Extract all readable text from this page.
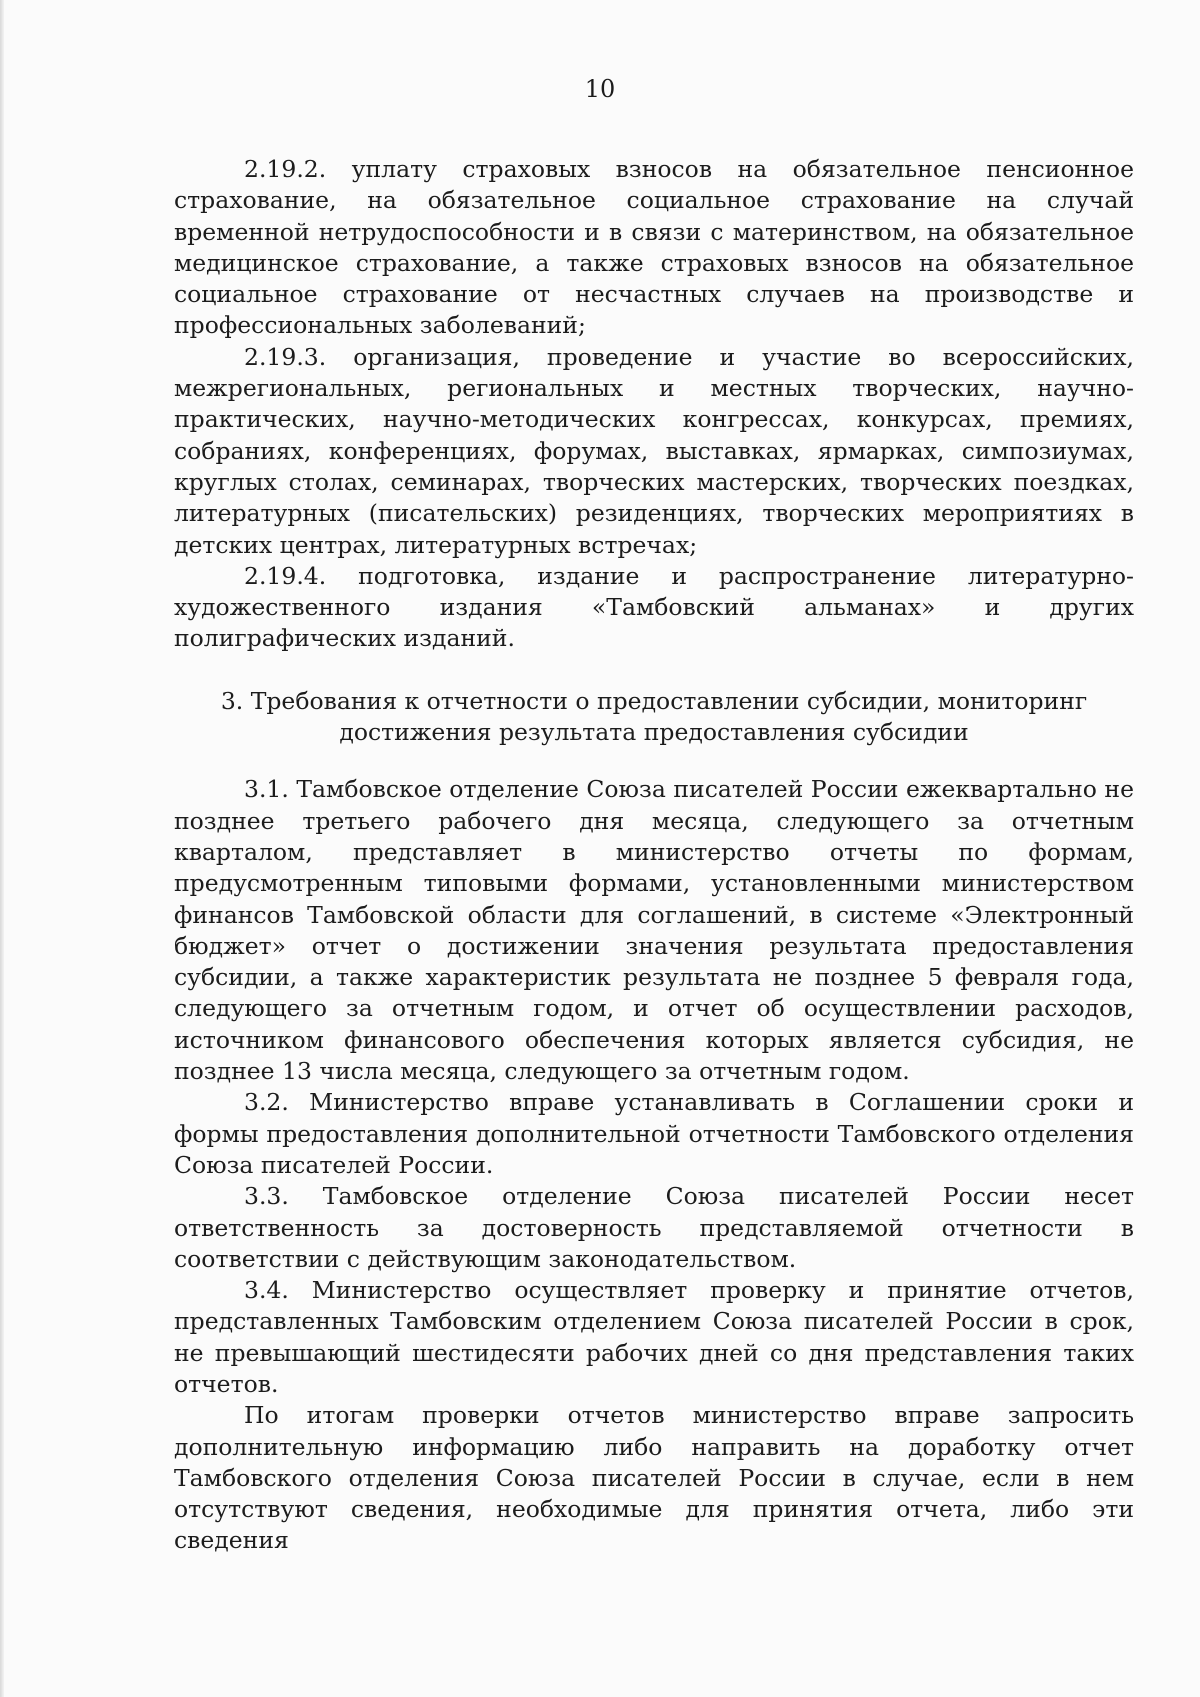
10

2.19.2. уплату страховых взносов на обязательное пенсионное страхование, на обязательное социальное страхование на случай временной нетрудоспособности и в связи с материнством, на обязательное медицинское страхование, а также страховых взносов на обязательное социальное страхование от несчастных случаев на производстве и профессиональных заболеваний;

2.19.3. организация, проведение и участие во всероссийских, межрегиональных, региональных и местных творческих, научно-практических, научно-методических конгрессах, конкурсах, премиях, собраниях, конференциях, форумах, выставках, ярмарках, симпозиумах, круглых столах, семинарах, творческих мастерских, творческих поездках, литературных (писательских) резиденциях, творческих мероприятиях в детских центрах, литературных встречах;

2.19.4. подготовка, издание и распространение литературно-художественного издания «Тамбовский альманах» и других полиграфических изданий.

3. Требования к отчетности о предоставлении субсидии, мониторинг достижения результата предоставления субсидии

3.1. Тамбовское отделение Союза писателей России ежеквартально не позднее третьего рабочего дня месяца, следующего за отчетным кварталом, представляет в министерство отчеты по формам, предусмотренным типовыми формами, установленными министерством финансов Тамбовской области для соглашений, в системе «Электронный бюджет» отчет о достижении значения результата предоставления субсидии, а также характеристик результата не позднее 5 февраля года, следующего за отчетным годом, и отчет об осуществлении расходов, источником финансового обеспечения которых является субсидия, не позднее 13 числа месяца, следующего за отчетным годом.

3.2. Министерство вправе устанавливать в Соглашении сроки и формы предоставления дополнительной отчетности Тамбовского отделения Союза писателей России.

3.3. Тамбовское отделение Союза писателей России несет ответственность за достоверность представляемой отчетности в соответствии с действующим законодательством.

3.4. Министерство осуществляет проверку и принятие отчетов, представленных Тамбовским отделением Союза писателей России в срок, не превышающий шестидесяти рабочих дней со дня представления таких отчетов.

По итогам проверки отчетов министерство вправе запросить дополнительную информацию либо направить на доработку отчет Тамбовского отделения Союза писателей России в случае, если в нем отсутствуют сведения, необходимые для принятия отчета, либо эти сведения
